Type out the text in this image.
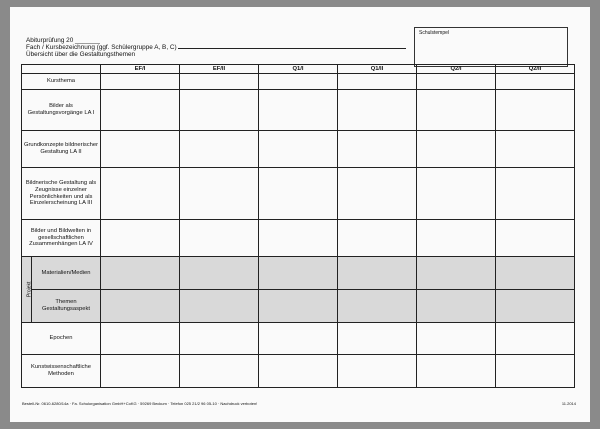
Schulstempel
Abiturprüfung 20 _______
Fach / Kursbezeichnung (ggf. Schülergruppe A, B, C)
Übersicht über die Gestaltungsthemen
		EF/I	EF/II	Q1/I	Q1/II	Q2/I	Q2/II
Kursthema							
Bilder als Gestaltungsvorgänge LA I							
Grundkonzepte bildnerischer Gestaltung LA II							
Bildnerische Gestaltung als Zeugnisse einzelner Persönlichkeiten und als Einzelerscheinung LA III							
Bilder und Bildwelten in gesellschaftlichen Zusammenhängen LA IV							
Projekt	Materialien/Medien						
	Themen Gestaltungsaspekt						
Epochen							
Kunstwissenschaftliche Methoden							
Bestell-Nr. 0610-6280/14a · Fa. Schulorganisation GmbH+CoKG · 59269 Beckum · Telefon 025 21/2 96 05-10 · Nachdruck verboten!	11.2014
